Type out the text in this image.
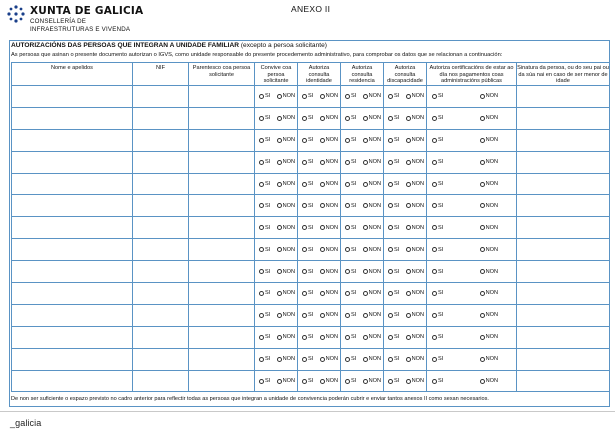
XUNTA DE GALICIA
CONSELLERÍA DE
INFRAESTRUTURAS E VIVENDA
ANEXO II
AUTORIZACIÓNS DAS PERSOAS QUE INTEGRAN A UNIDADE FAMILIAR (excepto a persoa solicitante)
As persoas que asinan o presente documento autorizan o IGVS, como unidade responsable do presente procedemento administrativo, para comprobar os datos que se relacionan a continuación:
Nome e apelidos	NIF	Parentesco coa persoa solicitante	Convive coa persoa solicitante	Autoriza consulta identidade	Autoriza consulta residencia	Autoriza consulta discapacidade	Autoriza certificacións de estar ao día nos pagamentos coas administracións públicas	Sinatura da persoa, ou do seu pai ou da súa nai en caso de ser menor de idade

			SI NON	SI NON	SI NON	SI NON	SI NON	

			SI NON	SI NON	SI NON	SI NON	SI NON	

			SI NON	SI NON	SI NON	SI NON	SI NON	

			SI NON	SI NON	SI NON	SI NON	SI NON	

			SI NON	SI NON	SI NON	SI NON	SI NON	

			SI NON	SI NON	SI NON	SI NON	SI NON	

			SI NON	SI NON	SI NON	SI NON	SI NON	

			SI NON	SI NON	SI NON	SI NON	SI NON	

			SI NON	SI NON	SI NON	SI NON	SI NON	

			SI NON	SI NON	SI NON	SI NON	SI NON	

			SI NON	SI NON	SI NON	SI NON	SI NON	

			SI NON	SI NON	SI NON	SI NON	SI NON	

			SI NON	SI NON	SI NON	SI NON	SI NON	

			SI NON	SI NON	SI NON	SI NON	SI NON	

De non ser suficiente o espazo previsto no cadro anterior para reflectir todas as persoas que integran a unidade de convivencia poderán cubrir e enviar tantos anexos II como sexan necesarios.
_galicia
